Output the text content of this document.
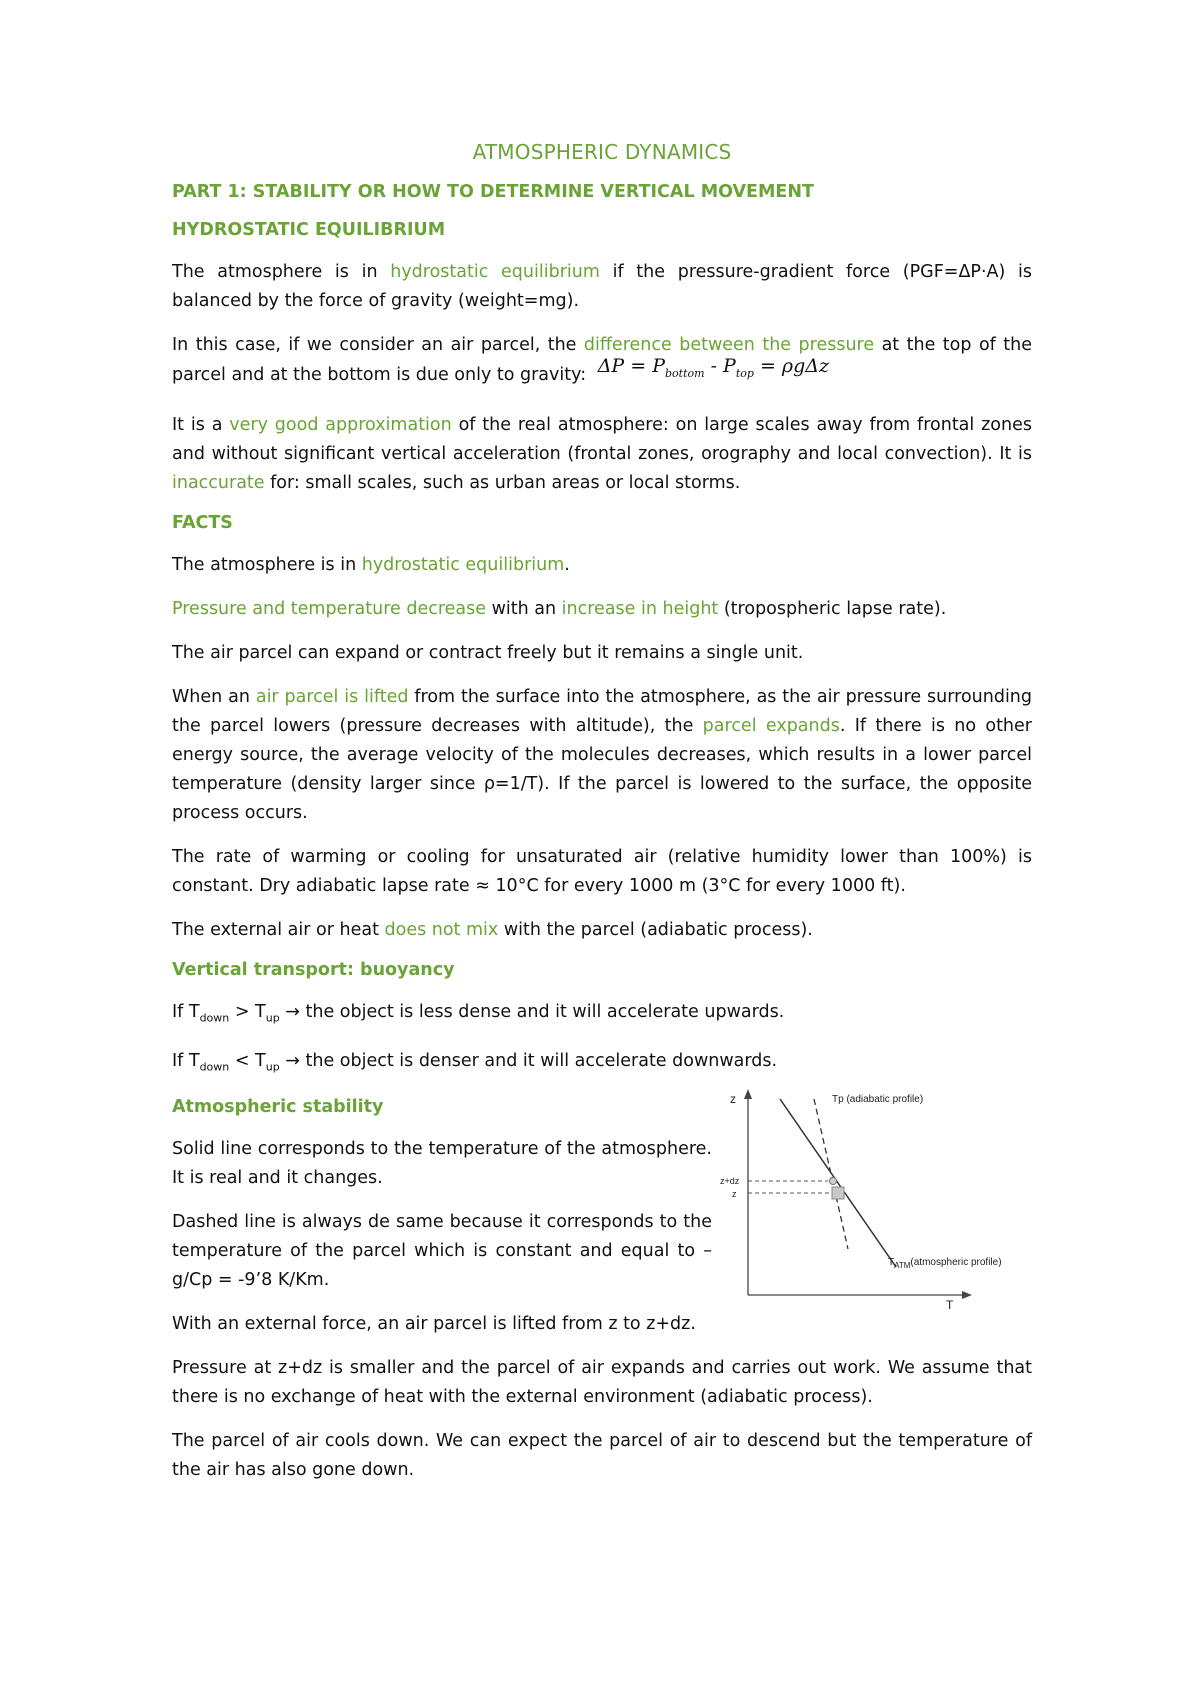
ATMOSPHERIC DYNAMICS
PART 1: STABILITY OR HOW TO DETERMINE VERTICAL MOVEMENT
HYDROSTATIC EQUILIBRIUM

The atmosphere is in hydrostatic equilibrium if the pressure-gradient force (PGF=ΔP·A) is balanced by the force of gravity (weight=mg).

In this case, if we consider an air parcel, the difference between the pressure at the top of the parcel and at the bottom is due only to gravity: $\Delta P = P_{bottom} - P_{top} = \rho g\Delta z$

It is a very good approximation of the real atmosphere: on large scales away from frontal zones and without significant vertical acceleration (frontal zones, orography and local convection). It is inaccurate for: small scales, such as urban areas or local storms.

FACTS

The atmosphere is in hydrostatic equilibrium.

Pressure and temperature decrease with an increase in height (tropospheric lapse rate).

The air parcel can expand or contract freely but it remains a single unit.

When an air parcel is lifted from the surface into the atmosphere, as the air pressure surrounding the parcel lowers (pressure decreases with altitude), the parcel expands. If there is no other energy source, the average velocity of the molecules decreases, which results in a lower parcel temperature (density larger since ρ=1/T). If the parcel is lowered to the surface, the opposite process occurs.

The rate of warming or cooling for unsaturated air (relative humidity lower than 100%) is constant. Dry adiabatic lapse rate ≈ 10°C for every 1000 m (3°C for every 1000 ft).

The external air or heat does not mix with the parcel (adiabatic process).

Vertical transport: buoyancy

If $T_{down} > T_{up}$ → the object is less dense and it will accelerate upwards.

If $T_{down} < T_{up}$ → the object is denser and it will accelerate downwards.

Atmospheric stability

Solid line corresponds to the temperature of the atmosphere. It is real and it changes.

Dashed line is always de same because it corresponds to the temperature of the parcel which is constant and equal to –g/Cp = -9’8 K/Km.

z
T
z+dz
z
Tp (adiabatic profile)
$T_{ATM}(atmospheric$ profile)

With an external force, an air parcel is lifted from z to z+dz.

Pressure at z+dz is smaller and the parcel of air expands and carries out work. We assume that there is no exchange of heat with the external environment (adiabatic process).

The parcel of air cools down. We can expect the parcel of air to descend but the temperature of the air has also gone down.
